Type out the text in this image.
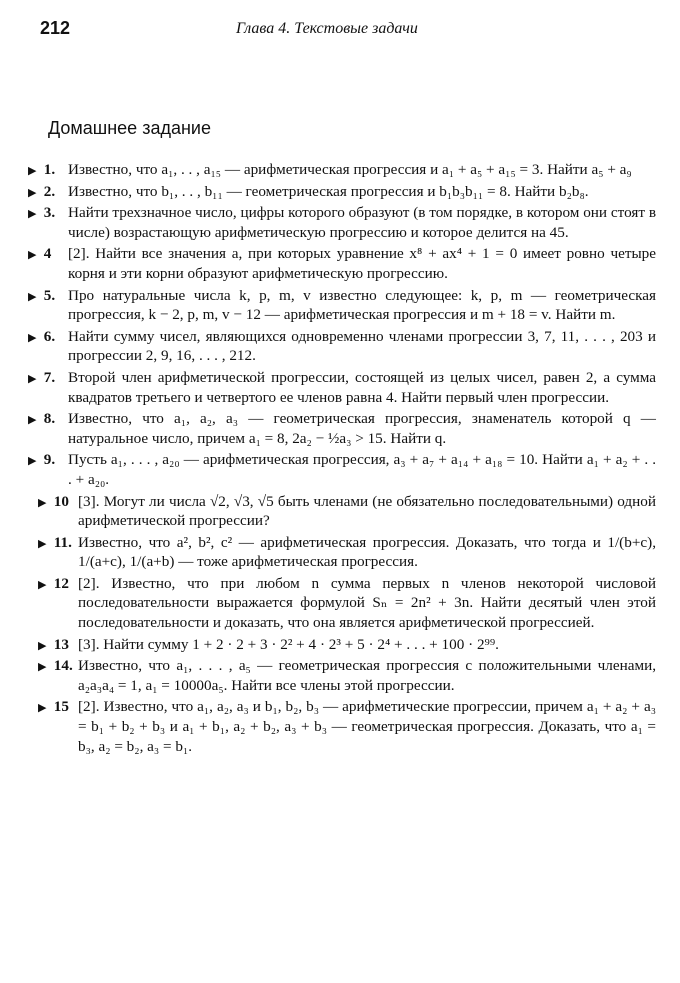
212	Глава 4. Текстовые задачи
Домашнее задание
▶ 1. Известно, что a₁, . . , a₁₅ — арифметическая прогрессия и a₁ + a₅ + a₁₅ = 3. Найти a₅ + a₉
▶ 2. Известно, что b₁, . . , b₁₁ — геометрическая прогрессия и b₁b₃b₁₁ = 8. Найти b₂b₈.
▶ 3. Найти трехзначное число, цифры которого образуют (в том порядке, в котором они стоят в числе) возрастающую арифметическую прогрессию и которое делится на 45.
▶ 4 [2]. Найти все значения a, при которых уравнение x⁸ + ax⁴ + 1 = 0 имеет ровно четыре корня и эти корни образуют арифметическую прогрессию.
▶ 5. Про натуральные числа k, p, m, v известно следующее: k, p, m — геометрическая прогрессия, k − 2, p, m, v − 12 — арифметическая прогрессия и m + 18 = v. Найти m.
▶ 6. Найти сумму чисел, являющихся одновременно членами прогрессии 3, 7, 11, . . . , 203 и прогрессии 2, 9, 16, . . . , 212.
▶ 7. Второй член арифметической прогрессии, состоящей из целых чисел, равен 2, а сумма квадратов третьего и четвертого ее членов равна 4. Найти первый член прогрессии.
▶ 8. Известно, что a₁, a₂, a₃ — геометрическая прогрессия, знаменатель которой q — натуральное число, причем a₁ = 8, 2a₂ − ½a₃ > 15. Найти q.
▶ 9. Пусть a₁, . . . , a₂₀ — арифметическая прогрессия, a₃ + a₇ + a₁₄ + a₁₈ = 10. Найти a₁ + a₂ + . . . + a₂₀.
▶ 10 [3]. Могут ли числа √2, √3, √5 быть членами (не обязательно последовательными) одной арифметической прогрессии?
▶ 11. Известно, что a², b², c² — арифметическая прогрессия. Доказать, что тогда и 1/(b+c), 1/(a+c), 1/(a+b) — тоже арифметическая прогрессия.
▶ 12 [2]. Известно, что при любом n сумма первых n членов некоторой числовой последовательности выражается формулой Sₙ = 2n² + 3n. Найти десятый член этой последовательности и доказать, что она является арифметической прогрессией.
▶ 13 [3]. Найти сумму 1 + 2 · 2 + 3 · 2² + 4 · 2³ + 5 · 2⁴ + . . . + 100 · 2⁹⁹.
▶ 14. Известно, что a₁, . . . , a₅ — геометрическая прогрессия с положительными членами, a₂a₃a₄ = 1, a₁ = 10000a₅. Найти все члены этой прогрессии.
▶ 15 [2]. Известно, что a₁, a₂, a₃ и b₁, b₂, b₃ — арифметические прогрессии, причем a₁ + a₂ + a₃ = b₁ + b₂ + b₃ и a₁ + b₁, a₂ + b₂, a₃ + b₃ — геометрическая прогрессия. Доказать, что a₁ = b₃, a₂ = b₂, a₃ = b₁.
